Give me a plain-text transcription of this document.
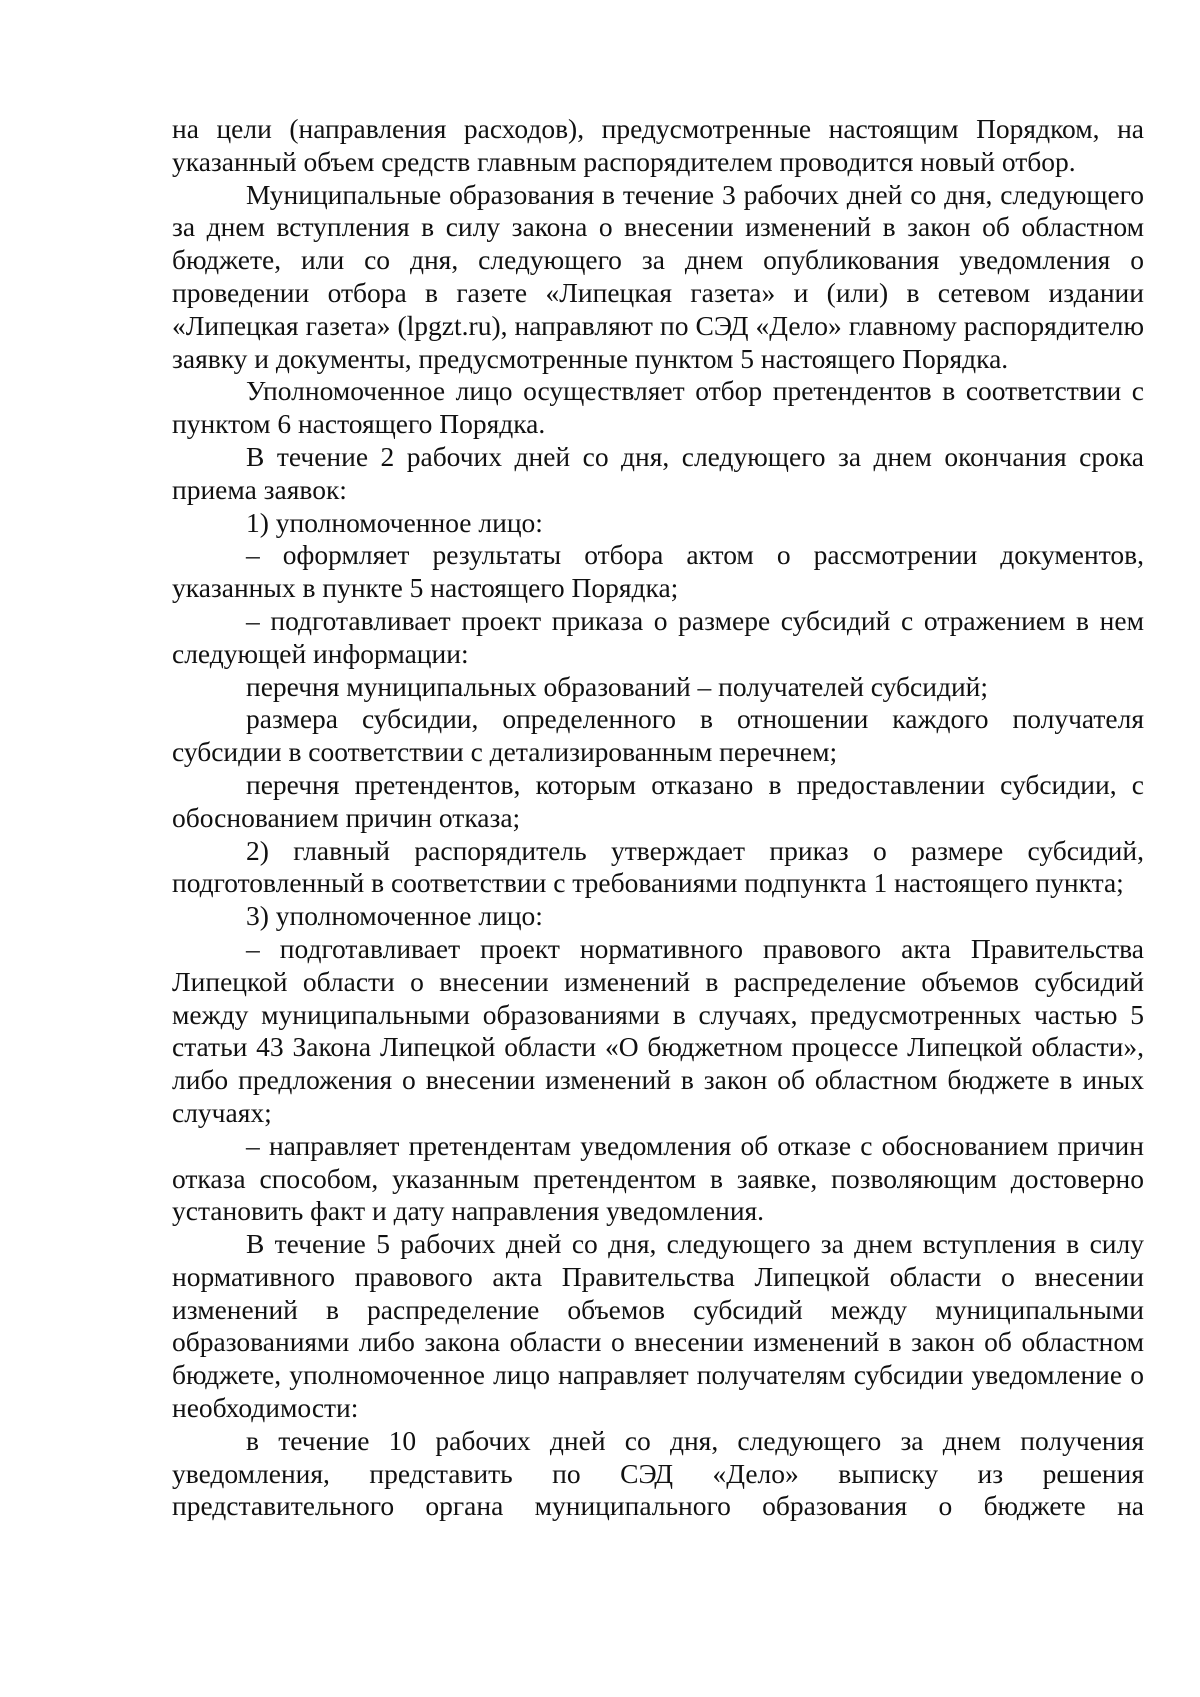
на цели (направления расходов), предусмотренные настоящим Порядком, на указанный объем средств главным распорядителем проводится новый отбор.

Муниципальные образования в течение 3 рабочих дней со дня, следующего за днем вступления в силу закона о внесении изменений в закон об областном бюджете, или со дня, следующего за днем опубликования уведомления о проведении отбора в газете «Липецкая газета» и (или) в сетевом издании «Липецкая газета» (lpgzt.ru), направляют по СЭД «Дело» главному распорядителю заявку и документы, предусмотренные пунктом 5 настоящего Порядка.

Уполномоченное лицо осуществляет отбор претендентов в соответствии с пунктом 6 настоящего Порядка.

В течение 2 рабочих дней со дня, следующего за днем окончания срока приема заявок:

1) уполномоченное лицо:

– оформляет результаты отбора актом о рассмотрении документов, указанных в пункте 5 настоящего Порядка;

– подготавливает проект приказа о размере субсидий с отражением в нем следующей информации:

перечня муниципальных образований – получателей субсидий;

размера субсидии, определенного в отношении каждого получателя субсидии в соответствии с детализированным перечнем;

перечня претендентов, которым отказано в предоставлении субсидии, с обоснованием причин отказа;

2) главный распорядитель утверждает приказ о размере субсидий, подготовленный в соответствии с требованиями подпункта 1 настоящего пункта;

3) уполномоченное лицо:

– подготавливает проект нормативного правового акта Правительства Липецкой области о внесении изменений в распределение объемов субсидий между муниципальными образованиями в случаях, предусмотренных частью 5 статьи 43 Закона Липецкой области «О бюджетном процессе Липецкой области», либо предложения о внесении изменений в закон об областном бюджете в иных случаях;

– направляет претендентам уведомления об отказе с обоснованием причин отказа способом, указанным претендентом в заявке, позволяющим достоверно установить факт и дату направления уведомления.

В течение 5 рабочих дней со дня, следующего за днем вступления в силу нормативного правового акта Правительства Липецкой области о внесении изменений в распределение объемов субсидий между муниципальными образованиями либо закона области о внесении изменений в закон об областном бюджете, уполномоченное лицо направляет получателям субсидии уведомление о необходимости:

в течение 10 рабочих дней со дня, следующего за днем получения уведомления, представить по СЭД «Дело» выписку из решения представительного органа муниципального образования о бюджете на
